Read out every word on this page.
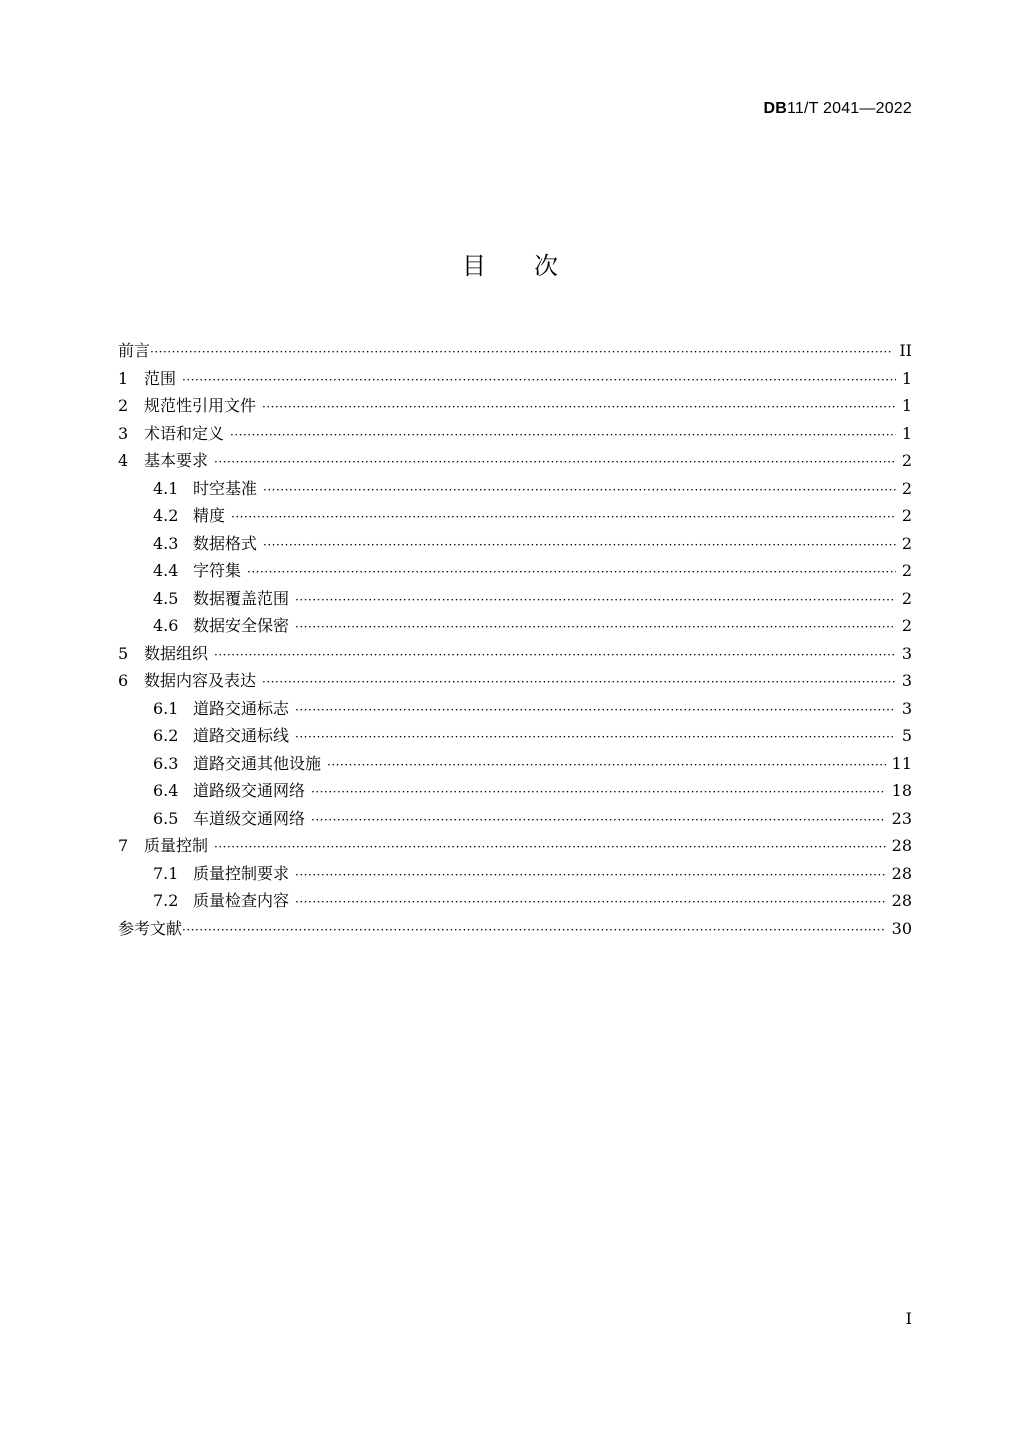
DB11/T 2041—2022
目次
前言 ·····	II
1 范围 ·····	1
2 规范性引用文件 ·····	1
3 术语和定义 ·····	1
4 基本要求 ·····	2
4.1 时空基准 ·····	2
4.2 精度 ·····	2
4.3 数据格式 ·····	2
4.4 字符集 ·····	2
4.5 数据覆盖范围 ·····	2
4.6 数据安全保密 ·····	2
5 数据组织 ·····	3
6 数据内容及表达 ·····	3
6.1 道路交通标志 ·····	3
6.2 道路交通标线 ·····	5
6.3 道路交通其他设施 ·····	11
6.4 道路级交通网络 ·····	18
6.5 车道级交通网络 ·····	23
7 质量控制 ·····	28
7.1 质量控制要求 ·····	28
7.2 质量检查内容 ·····	28
参考文献 ·····	30
I
